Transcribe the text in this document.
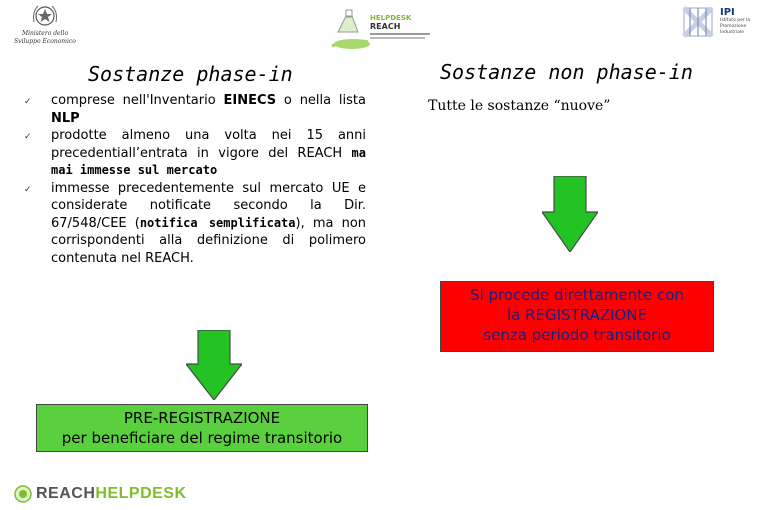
Ministero dello
Sviluppo Economico
HELPDESK
REACH
IPI
Istituto per la
Promozione
Industriale
Sostanze phase-in	Sostanze non phase-in
✓ comprese nell'Inventario EINECS o nella lista NLP
✓ prodotte almeno una volta nei 15 anni precedentiall’entrata in vigore del REACH ma mai immesse sul mercato
✓ immesse precedentemente sul mercato UE e considerate notificate secondo la Dir. 67/548/CEE (notifica semplificata), ma non corrispondenti alla definizione di polimero contenuta nel REACH.
Tutte le sostanze “nuove”
PRE-REGISTRAZIONE
per beneficiare del regime transitorio
Si procede direttamente con
la REGISTRAZIONE
senza periodo transitorio
REACHHELPDESK
